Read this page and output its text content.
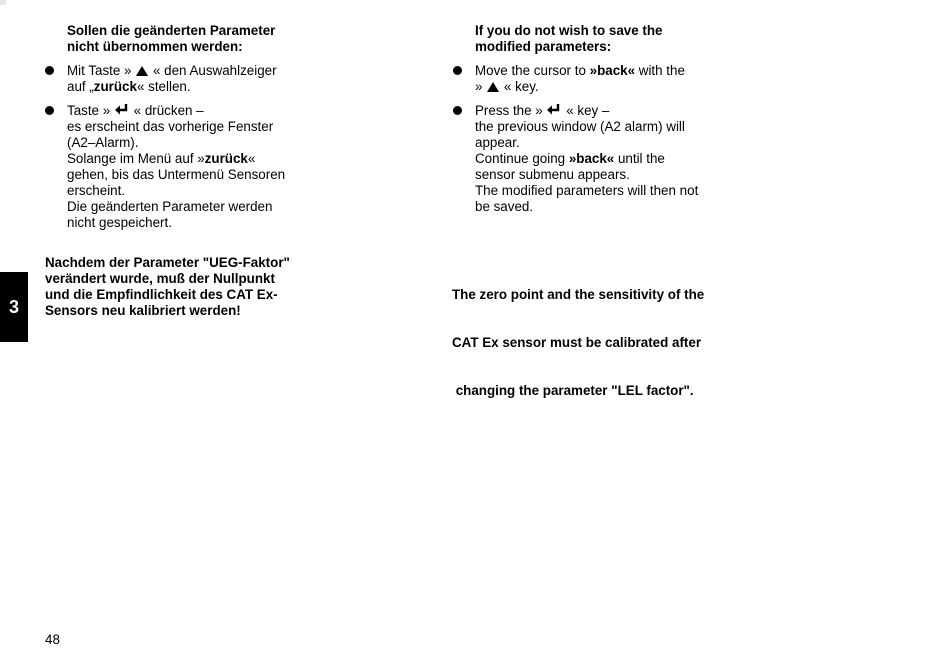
Sollen die geänderten Parameter
nicht übernommen werden:
Mit Taste » « den Auswahlzeiger
auf „zurück« stellen.
Taste » « drücken –
es erscheint das vorherige Fenster
(A2–Alarm).
Solange im Menü auf »zurück«
gehen, bis das Untermenü Sensoren
erscheint.
Die geänderten Parameter werden
nicht gespeichert.
Nachdem der Parameter "UEG-Faktor"
verändert wurde, muß der Nullpunkt
und die Empfindlichkeit des CAT Ex-
Sensors neu kalibriert werden!
If you do not wish to save the
modified parameters:
Move the cursor to »back« with the
» « key.
Press the » « key –
the previous window (A2 alarm) will
appear.
Continue going »back« until the
sensor submenu appears.
The modified parameters will then not
be saved.

The zero point and the sensitivity of the

CAT Ex sensor must be calibrated after

changing the parameter "LEL factor".

3
48
